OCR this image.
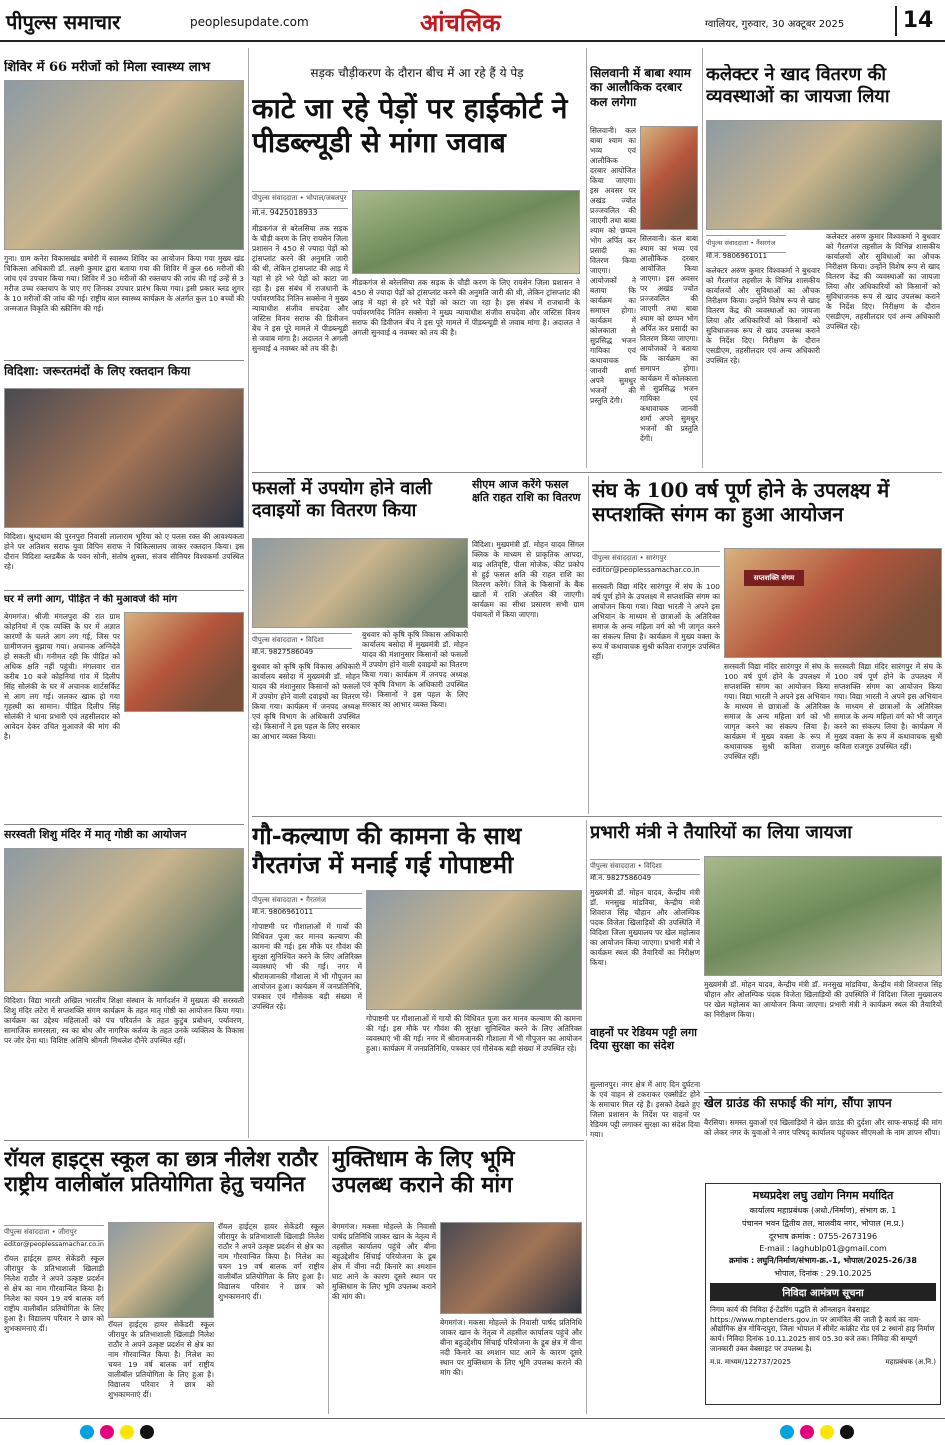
पीपुल्स समाचार	peoplesupdate.com	आंचलिक	ग्वालियर, गुरुवार, 30 अक्टूबर 2025	14
शिविर में 66 मरीजों को मिला स्वास्थ्य लाभ
गुना। ग्राम कनेरा विकासखंड बमोरी में स्वास्थ्य शिविर का आयोजन किया गया मुख्य खंड चिकित्सा अधिकारी डॉ. लक्ष्मी कुमार द्वारा बताया गया की शिविर में कुल 66 मरीजों की जांच एवं उपचार किया गया। शिविर में 30 मरीजों की रक्तचाप की जांच की गई उन्हें से 3 मरीज उच्च रक्तचाप के पाए गए जिनका उपचार प्रारंभ किया गया। इसी प्रकार ब्लड शुगर के 10 मरीजों की जांच की गई। राष्ट्रीय बाल स्वास्थ्य कार्यक्रम के अंतर्गत कुल 10 बच्चों की जन्मजात विकृति की स्क्रीनिंग की गई।
विदिशा: जरूरतमंदों के लिए रक्तदान किया
विदिशा। श्रुध्दधाम की पुरनपुरा निवासी लालाराम भूरिया को ए पलस रक्त की आवश्यकता होने पर अतिशय सराफ युवा विपिन सराफ ने चिकित्सालय जाकर रक्तदान किया। इस दौरान विदिशा ब्लडबैंक के पवन सोनी, संतोष शुक्ला, संजय सीनियर विश्वकर्मा उपस्थित रहे।
घर में लगी आग, पीड़ित ने की मुआवजे की मांग
बेगमगंज। श्रीजी मंगलपुरा की रात ग्राम कोहनियां में एक व्यक्ति के घर में अज्ञात कारणों के चलते आग लग गई, जिस पर ग्रामीणजन बुझाया गया। अचानक अग्निदेवे हो सकती थी। गनीमत रही कि पीड़ित को अधिक क्षति नहीं पहुंची। मंगलवार रात करीब 10 बजे कोहनियां गांव में दिलीप सिंह सोलंकी के घर में अचानक शार्टसर्किट से आग लग गई। जलकर खाक हो गया गृहस्थी का सामान। पीड़ित दिलीप सिंह सोलंकी ने थाना प्रभारी एवं तहसीलदार को आवेदन देकर उचित मुआवजे की मांग की है।
सरस्वती शिशु मंदिर में मातृ गोष्ठी का आयोजन
विदिशा। विद्या भारती अखिल भारतीय शिक्षा संस्थान के मार्गदर्शन में मुख्यतः की सरस्वती शिशु मंदिर लटेरा में सप्तशक्ति संगम कार्यक्रम के तहत मातृ गोष्ठी का आयोजन किया गया। कार्यक्रम का उद्देश्य महिलाओं को पंच परिवर्तन के तहत कुटुंब प्रबोधन, पर्यावरण, सामाजिक समरसता, स्व का बोध और नागरिक कर्तव्य के तहत उनके व्यक्तित्व के विकास पर जोर देना था। विशिष्ट अतिथि श्रीमती मिथलेश दौनेरे उपस्थित रहीं।
सड़क चौड़ीकरण के दौरान बीच में आ रहे हैं ये पेड़
काटे जा रहे पेड़ों पर हाईकोर्ट ने पीडब्ल्यूडी से मांगा जवाब
पीपुल्स संवाददाता • भोपाल/जबलपुर
मो.नं. 9425018933
मीडकगंज से बरेलसिया तक सड़क के चौड़ी करण के लिए रायसेन जिला प्रशासन ने 450 से ज्यादा पेड़ों को ट्रांसप्लांट करने की अनुमति जारी की थी, लेकिन ट्रांसप्लांट की आड़ में यहां से हरे भरे पेड़ों को काटा जा रहा है। इस संबंध में राजधानी के पर्यावरणविद नितिन सक्सेना ने मुख्य न्यायाधीश संजीव सचदेवा और जस्टिस विनय सराफ की डिवीजन बेंच ने इस पूरे मामले में पीडब्ल्यूडी से जवाब मांगा है। अदालत ने अगली सुनवाई 4 नवम्बर को तय की है।
मीडकगंज से बरेलसिया तक सड़क के चौड़ी करण के लिए रायसेन जिला प्रशासन ने 450 से ज्यादा पेड़ों को ट्रांसप्लांट करने की अनुमति जारी की थी, लेकिन ट्रांसप्लांट की आड़ में यहां से हरे भरे पेड़ों को काटा जा रहा है। इस संबंध में राजधानी के पर्यावरणविद नितिन सक्सेना ने मुख्य न्यायाधीश संजीव सचदेवा और जस्टिस विनय सराफ की डिवीजन बेंच ने इस पूरे मामले में पीडब्ल्यूडी से जवाब मांगा है। अदालत ने अगली सुनवाई 4 नवम्बर को तय की है।
सिलवानी में बाबा श्याम का आलौकिक दरबार कल लगेगा
सिलवानी। कल बाबा श्याम का भव्य एवं आलौकिक दरबार आयोजित किया जाएगा। इस अवसर पर अखंड ज्योत प्रज्जवलित की जाएगी तथा बाबा श्याम को छप्पन भोग अर्पित कर प्रसादी का वितरण किया जाएगा। आयोजकों ने बताया कि कार्यक्रम का समापन होगा। कार्यक्रम में कोलकाता से सुप्रसिद्ध भजन गायिका एवं कथावाचक जानवी शर्मा अपने सुमधुर भजनों की प्रस्तुति देंगी।
सिलवानी। कल बाबा श्याम का भव्य एवं आलौकिक दरबार आयोजित किया जाएगा। इस अवसर पर अखंड ज्योत प्रज्जवलित की जाएगी तथा बाबा श्याम को छप्पन भोग अर्पित कर प्रसादी का वितरण किया जाएगा। आयोजकों ने बताया कि कार्यक्रम का समापन होगा। कार्यक्रम में कोलकाता से सुप्रसिद्ध भजन गायिका एवं कथावाचक जानवी शर्मा अपने सुमधुर भजनों की प्रस्तुति देंगी।
कलेक्टर ने खाद वितरण की व्यवस्थाओं का जायजा लिया
पीपुल्स संवाददाता • नैंसरगंज
मो.नं. 9806961011
कलेक्टर अरुण कुमार विश्वकर्मा ने बुधवार को गैरतगंज तहसील के विभिन्न शासकीय कार्यालयों और सुविधाओं का औचक निरीक्षण किया। उन्होंने विशेष रूप से खाद वितरण केंद्र की व्यवस्थाओं का जायजा लिया और अधिकारियों को किसानों को सुविधाजनक रूप से खाद उपलब्ध कराने के निर्देश दिए। निरीक्षण के दौरान एसडीएम, तहसीलदार एवं अन्य अधिकारी उपस्थित रहे।
कलेक्टर अरुण कुमार विश्वकर्मा ने बुधवार को गैरतगंज तहसील के विभिन्न शासकीय कार्यालयों और सुविधाओं का औचक निरीक्षण किया। उन्होंने विशेष रूप से खाद वितरण केंद्र की व्यवस्थाओं का जायजा लिया और अधिकारियों को किसानों को सुविधाजनक रूप से खाद उपलब्ध कराने के निर्देश दिए। निरीक्षण के दौरान एसडीएम, तहसीलदार एवं अन्य अधिकारी उपस्थित रहे।
फसलों में उपयोग होने वाली दवाइयों का वितरण किया
पीपुल्स संवाददाता • विदिशा
मो.नं. 9827586049
बुधवार को कृषि कृषि विकास अधिकारी कार्यालय बसोदा में मुख्यमंत्री डॉ. मोहन यादव की मंशानुसार किसानों को फसलों में उपयोग होने वाली दवाइयों का वितरण किया गया। कार्यक्रम में जनपद अध्यक्ष एवं कृषि विभाग के अधिकारी उपस्थित रहे। किसानों ने इस पहल के लिए सरकार का आभार व्यक्त किया।
बुधवार को कृषि कृषि विकास अधिकारी कार्यालय बसोदा में मुख्यमंत्री डॉ. मोहन यादव की मंशानुसार किसानों को फसलों में उपयोग होने वाली दवाइयों का वितरण किया गया। कार्यक्रम में जनपद अध्यक्ष एवं कृषि विभाग के अधिकारी उपस्थित रहे। किसानों ने इस पहल के लिए सरकार का आभार व्यक्त किया।
सीएम आज करेंगे फसल क्षति राहत राशि का वितरण
विदिशा। मुख्यमंत्री डॉ. मोहन यादव सिंगल क्लिक के माध्यम से प्राकृतिक आपदा, बाढ़ अतिवृष्टि, पीला मोजेक, कीट प्रकोप से हुई फसल क्षति की राहत राशि का वितरण करेंगे। जिले के किसानों के बैंक खातों में राशि अंतरित की जाएगी। कार्यक्रम का सीधा प्रसारण सभी ग्राम पंचायतों में किया जाएगा।
संघ के 100 वर्ष पूर्ण होने के उपलक्ष्य में सप्तशक्ति संगम का हुआ आयोजन
पीपुल्स संवाददाता • सारंगपुर
editor@peoplessamachar.co.in
सप्तशक्ति संगम
सरस्वती विद्या मंदिर सारंगपुर में संघ के 100 वर्ष पूर्ण होने के उपलक्ष्य में सप्तशक्ति संगम का आयोजन किया गया। विद्या भारती ने अपने इस अभियान के माध्यम से छात्राओं के अतिरिक्त समाज के अन्य महिला वर्ग को भी जागृत करने का संकल्प लिया है। कार्यक्रम में मुख्य वक्ता के रूप में कथावाचक सुश्री कविता राजगुरु उपस्थित रहीं।
सरस्वती विद्या मंदिर सारंगपुर में संघ के 100 वर्ष पूर्ण होने के उपलक्ष्य में सप्तशक्ति संगम का आयोजन किया गया। विद्या भारती ने अपने इस अभियान के माध्यम से छात्राओं के अतिरिक्त समाज के अन्य महिला वर्ग को भी जागृत करने का संकल्प लिया है। कार्यक्रम में मुख्य वक्ता के रूप में कथावाचक सुश्री कविता राजगुरु उपस्थित रहीं।
सरस्वती विद्या मंदिर सारंगपुर में संघ के 100 वर्ष पूर्ण होने के उपलक्ष्य में सप्तशक्ति संगम का आयोजन किया गया। विद्या भारती ने अपने इस अभियान के माध्यम से छात्राओं के अतिरिक्त समाज के अन्य महिला वर्ग को भी जागृत करने का संकल्प लिया है। कार्यक्रम में मुख्य वक्ता के रूप में कथावाचक सुश्री कविता राजगुरु उपस्थित रहीं।
गौ-कल्याण की कामना के साथ गैरतगंज में मनाई गई गोपाष्टमी
पीपुल्स संवाददाता • गैरतगंज
मो.नं. 9806961011
गोपाष्टमी पर गौशालाओं में गायों की विधिवत पूजा कर मानव कल्याण की कामना की गई। इस मौके पर गौवंश की सुरक्षा सुनिश्चित करने के लिए अतिरिक्त व्यवस्थाएं भी की गईं। नगर में श्रीरामजानकी गौशाला में भी गौपूजन का आयोजन हुआ। कार्यक्रम में जनप्रतिनिधि, पत्रकार एवं गौसेवक बड़ी संख्या में उपस्थित रहे।
गोपाष्टमी पर गौशालाओं में गायों की विधिवत पूजा कर मानव कल्याण की कामना की गई। इस मौके पर गौवंश की सुरक्षा सुनिश्चित करने के लिए अतिरिक्त व्यवस्थाएं भी की गईं। नगर में श्रीरामजानकी गौशाला में भी गौपूजन का आयोजन हुआ। कार्यक्रम में जनप्रतिनिधि, पत्रकार एवं गौसेवक बड़ी संख्या में उपस्थित रहे।
प्रभारी मंत्री ने तैयारियों का लिया जायजा
पीपुल्स संवाददाता • विदिशा
मो.नं. 9827586049
मुख्यमंत्री डॉ. मोहन यादव, केन्द्रीय मंत्री डॉ. मनसुख मांडविया, केन्द्रीय मंत्री शिवराज सिंह चौहान और ओलम्पिक पदक विजेता खिलाड़ियों की उपस्थिति में विदिशा जिला मुख्यालय पर खेल महोत्सव का आयोजन किया जाएगा। प्रभारी मंत्री ने कार्यक्रम स्थल की तैयारियों का निरीक्षण किया।
मुख्यमंत्री डॉ. मोहन यादव, केन्द्रीय मंत्री डॉ. मनसुख मांडविया, केन्द्रीय मंत्री शिवराज सिंह चौहान और ओलम्पिक पदक विजेता खिलाड़ियों की उपस्थिति में विदिशा जिला मुख्यालय पर खेल महोत्सव का आयोजन किया जाएगा। प्रभारी मंत्री ने कार्यक्रम स्थल की तैयारियों का निरीक्षण किया।
वाहनों पर रेडियम पट्टी लगा दिया सुरक्षा का संदेश
सुल्तानपुर। नगर क्षेत्र में आए दिन दुर्घटना के एवं वाहन से टकराकर एक्सीडेंट होने के समाचार मिल रहे हैं। इसको देखते हुए जिला प्रशासन के निर्देश पर वाहनों पर रेडियम पट्टी लगाकर सुरक्षा का संदेश दिया गया।
खेल ग्राउंड की सफाई की मांग, सौंपा ज्ञापन
बैरसिया। समस्त युवाओं एवं खिलाड़ियों ने खेल ग्राउंड की दुर्दशा और साफ-सफाई की मांग को लेकर नगर के युवाओं ने नगर परिषद् कार्यालय पहुंचकर सीएमओ के नाम ज्ञापन सौंपा।
रॉयल हाइट्स स्कूल का छात्र नीलेश राठौर राष्ट्रीय वालीबॉल प्रतियोगिता हेतु चयनित
पीपुल्स संवाददाता • जीरापुर
editor@peoplessamachar.co.in
रॉयल हाईट्स हायर सेकेंडरी स्कूल जीरापुर के प्रतिभाशाली खिलाड़ी निलेश राठौर ने अपने उत्कृष्ट प्रदर्शन से क्षेत्र का नाम गौरवान्वित किया है। निलेश का चयन 19 वर्ष बालक वर्ग राष्ट्रीय वालीबॉल प्रतियोगिता के लिए हुआ है। विद्यालय परिवार ने छात्र को शुभकामनाएं दीं।	रॉयल हाईट्स हायर सेकेंडरी स्कूल जीरापुर के प्रतिभाशाली खिलाड़ी निलेश राठौर ने अपने उत्कृष्ट प्रदर्शन से क्षेत्र का नाम गौरवान्वित किया है। निलेश का चयन 19 वर्ष बालक वर्ग राष्ट्रीय वालीबॉल प्रतियोगिता के लिए हुआ है। विद्यालय परिवार ने छात्र को शुभकामनाएं दीं।
रॉयल हाईट्स हायर सेकेंडरी स्कूल जीरापुर के प्रतिभाशाली खिलाड़ी निलेश राठौर ने अपने उत्कृष्ट प्रदर्शन से क्षेत्र का नाम गौरवान्वित किया है। निलेश का चयन 19 वर्ष बालक वर्ग राष्ट्रीय वालीबॉल प्रतियोगिता के लिए हुआ है। विद्यालय परिवार ने छात्र को शुभकामनाएं दीं।
मुक्तिधाम के लिए भूमि उपलब्ध कराने की मांग
बेगमगंज। मकसा मोहल्ले के निवासी पार्षद प्रतिनिधि जाकर खान के नेतृत्व में तहसील कार्यालय पहुंचे और बीना बहुउद्देशीय सिंचाई परियोजना के डूब क्षेत्र में वीना नदी किनारे का श्मशान घाट आने के कारण दूसरे स्थान पर मुक्तिधाम के लिए भूमि उपलब्ध कराने की मांग की।
बेगमगंज। मकसा मोहल्ले के निवासी पार्षद प्रतिनिधि जाकर खान के नेतृत्व में तहसील कार्यालय पहुंचे और बीना बहुउद्देशीय सिंचाई परियोजना के डूब क्षेत्र में वीना नदी किनारे का श्मशान घाट आने के कारण दूसरे स्थान पर मुक्तिधाम के लिए भूमि उपलब्ध कराने की मांग की।
मध्यप्रदेश लघु उद्योग निगम मर्यादित
कार्यालय महाप्रबंधक (अधो./निर्माण), संभाग क्र. 1
पंचानन भवन द्वितीय तल, मालवीय नगर, भोपाल (म.प्र.)
दूरभाष क्रमांक : 0755-2673196
E-mail : laghublp01@gmail.com
क्रमांक : लघुनि/निर्माण/संभाग-क्र.-1, भोपाल/2025-26/38
भोपाल, दिनांक : 29.10.2025
निविदा आमंत्रण सूचना

निगम कार्य की निविदा ई-टेंडरिंग पद्धति से ऑनलाइन वेबसाइट https://www.mptenders.gov.in पर आमंत्रित की जाती है कार्य का नाम- औद्योगिक क्षेत्र गोविन्दपुरा, जिला भोपाल में सीमेंट कांक्रीट रोड एवं 2 स्थानो हाइ निर्माण कार्य। निविदा दिनांक 10.11.2025 सायं 05.30 बजे तक। निविदा की सम्पूर्ण जानकारी उक्त वेबसाइट पर उपलब्ध है।

म.प्र. माध्यम/122737/2025	महाप्रबंधक (अ.नि.)
